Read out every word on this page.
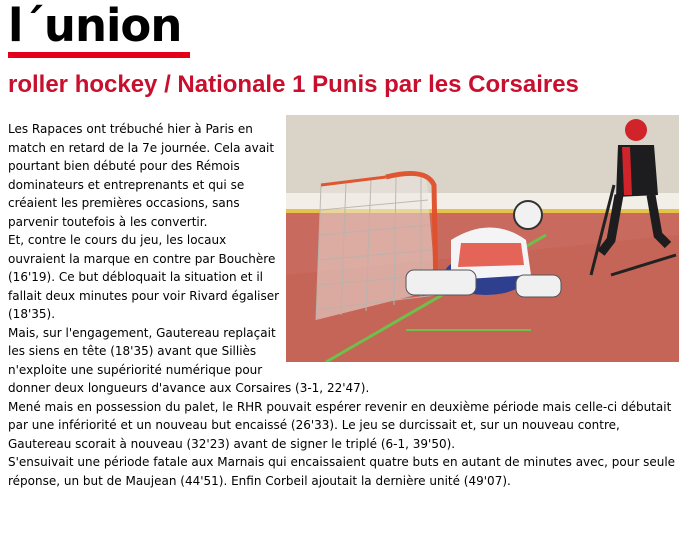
l´union
roller hockey / Nationale 1 Punis par les Corsaires

Les Rapaces ont trébuché hier à Paris en match en retard de la 7e journée. Cela avait pourtant bien débuté pour des Rémois dominateurs et entreprenants et qui se créaient les premières occasions, sans parvenir toutefois à les convertir.

Et, contre le cours du jeu, les locaux ouvraient la marque en contre par Bouchère (16'19). Ce but débloquait la situation et il fallait deux minutes pour voir Rivard égaliser (18'35).

Mais, sur l'engagement, Gautereau replaçait les siens en tête (18'35) avant que Silliès n'exploite une supériorité numérique pour donner deux longueurs d'avance aux Corsaires (3-1, 22'47).

Mené mais en possession du palet, le RHR pouvait espérer revenir en deuxième période mais celle-ci débutait par une infériorité et un nouveau but encaissé (26'33). Le jeu se durcissait et, sur un nouveau contre, Gautereau scorait à nouveau (32'23) avant de signer le triplé (6-1, 39'50).

S'ensuivait une période fatale aux Marnais qui encaissaient quatre buts en autant de minutes avec, pour seule réponse, un but de Maujean (44'51). Enfin Corbeil ajoutait la dernière unité (49'07).
